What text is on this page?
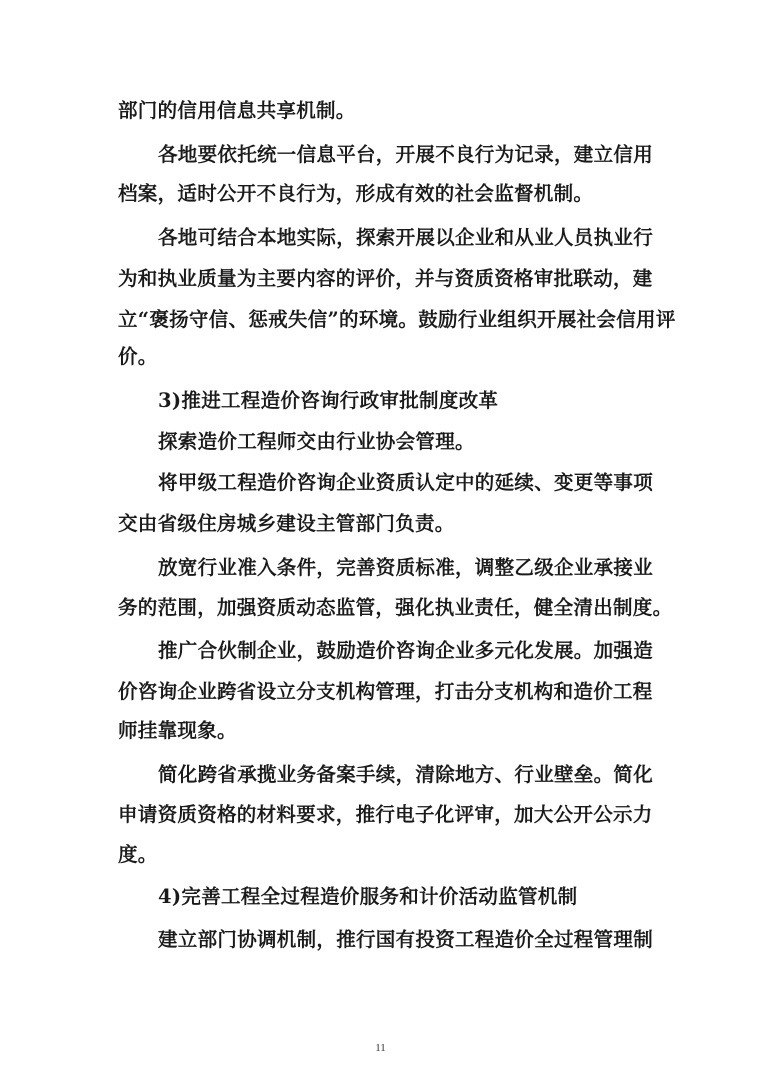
部门的信用信息共享机制。
各地要依托统一信息平台，开展不良行为记录，建立信用
档案，适时公开不良行为，形成有效的社会监督机制。
各地可结合本地实际，探索开展以企业和从业人员执业行
为和执业质量为主要内容的评价，并与资质资格审批联动，建
立“褒扬守信、惩戒失信”的环境。鼓励行业组织开展社会信用评
价。
3)推进工程造价咨询行政审批制度改革
探索造价工程师交由行业协会管理。
将甲级工程造价咨询企业资质认定中的延续、变更等事项
交由省级住房城乡建设主管部门负责。
放宽行业准入条件，完善资质标准，调整乙级企业承接业
务的范围，加强资质动态监管，强化执业责任，健全清出制度。
推广合伙制企业，鼓励造价咨询企业多元化发展。加强造
价咨询企业跨省设立分支机构管理，打击分支机构和造价工程
师挂靠现象。
简化跨省承揽业务备案手续，清除地方、行业壁垒。简化
申请资质资格的材料要求，推行电子化评审，加大公开公示力
度。
4)完善工程全过程造价服务和计价活动监管机制
建立部门协调机制，推行国有投资工程造价全过程管理制
11
